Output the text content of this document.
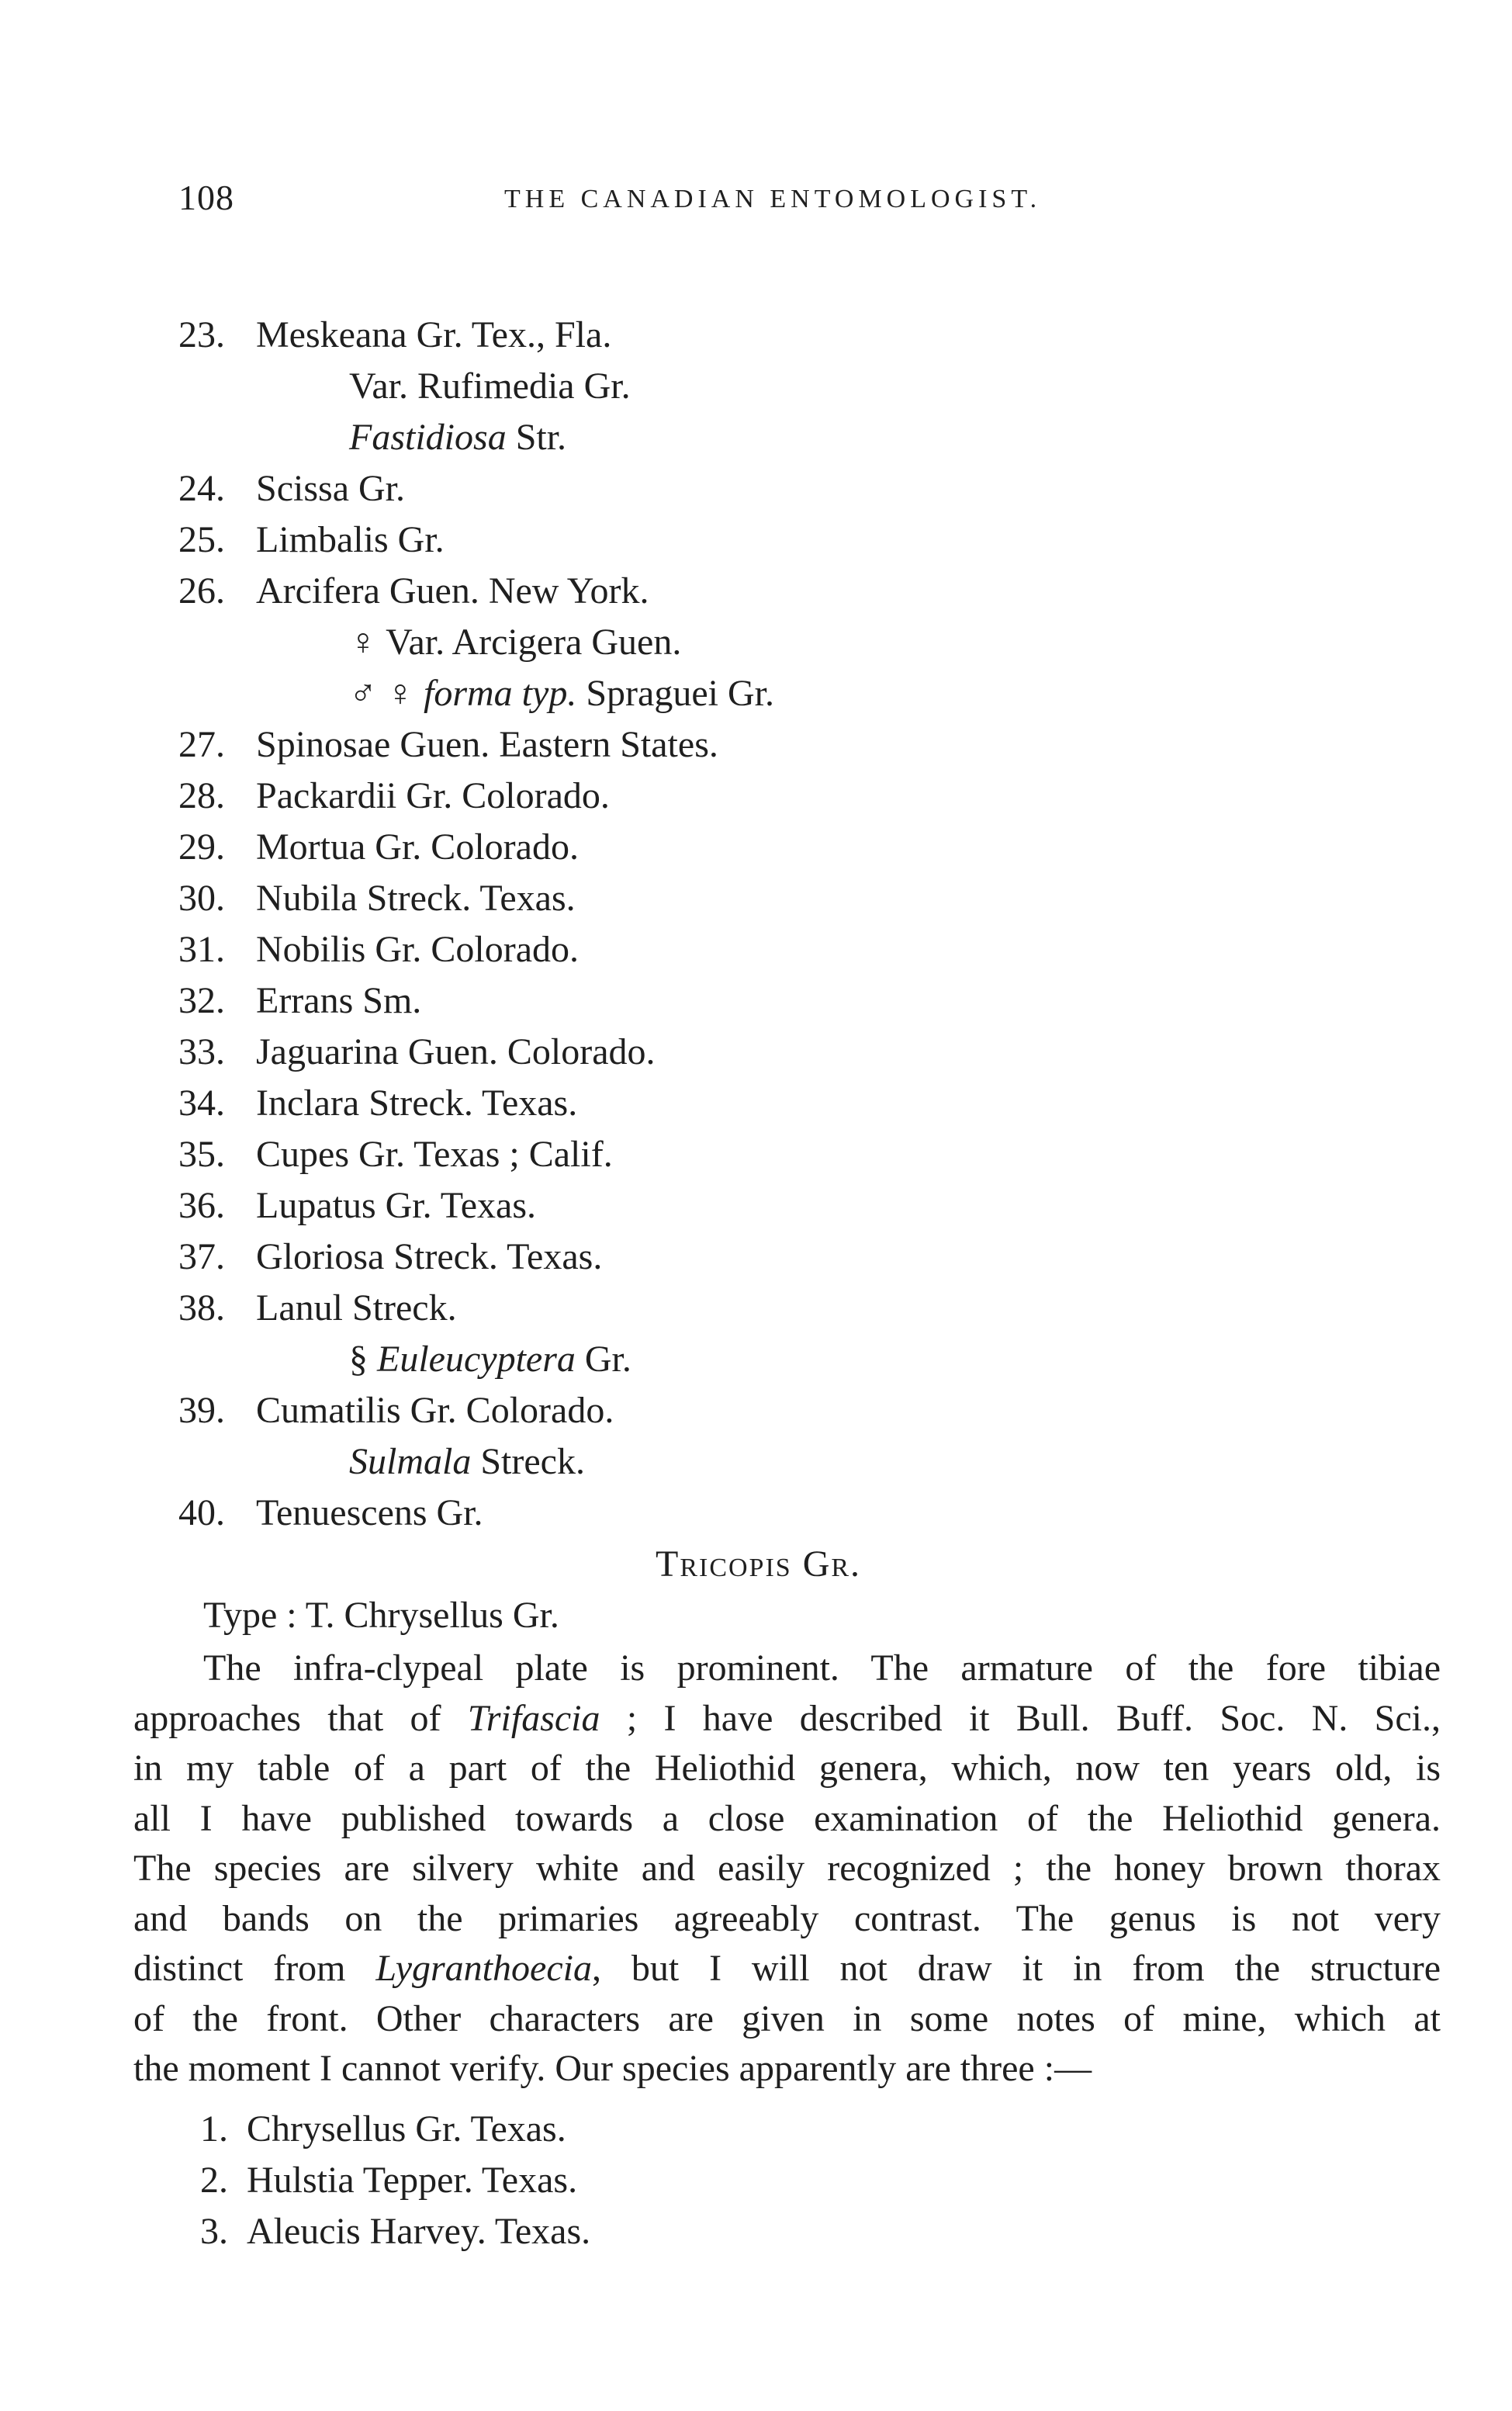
108	THE CANADIAN ENTOMOLOGIST.
23. Meskeana Gr. Tex., Fla.
Var. Rufimedia Gr.
Fastidiosa Str.
24. Scissa Gr.
25. Limbalis Gr.
26. Arcifera Guen. New York.
♀ Var. Arcigera Guen.
♂ ♀ forma typ. Spraguei Gr.
27. Spinosae Guen. Eastern States.
28. Packardii Gr. Colorado.
29. Mortua Gr. Colorado.
30. Nubila Streck. Texas.
31. Nobilis Gr. Colorado.
32. Errans Sm.
33. Jaguarina Guen. Colorado.
34. Inclara Streck. Texas.
35. Cupes Gr. Texas ; Calif.
36. Lupatus Gr. Texas.
37. Gloriosa Streck. Texas.
38. Lanul Streck.
§ Euleucyptera Gr.
39. Cumatilis Gr. Colorado.
Sulmala Streck.
40. Tenuescens Gr.
Tricopis Gr.
Type : T. Chrysellus Gr.
The infra-clypeal plate is prominent. The armature of the fore tibiae
approaches that of Trifascia ; I have described it Bull. Buff. Soc. N. Sci.,
in my table of a part of the Heliothid genera, which, now ten years old, is
all I have published towards a close examination of the Heliothid genera.
The species are silvery white and easily recognized ; the honey brown thorax
and bands on the primaries agreeably contrast. The genus is not very
distinct from Lygranthoecia, but I will not draw it in from the structure
of the front. Other characters are given in some notes of mine, which at
the moment I cannot verify. Our species apparently are three :—
1. Chrysellus Gr. Texas.
2. Hulstia Tepper. Texas.
3. Aleucis Harvey. Texas.
